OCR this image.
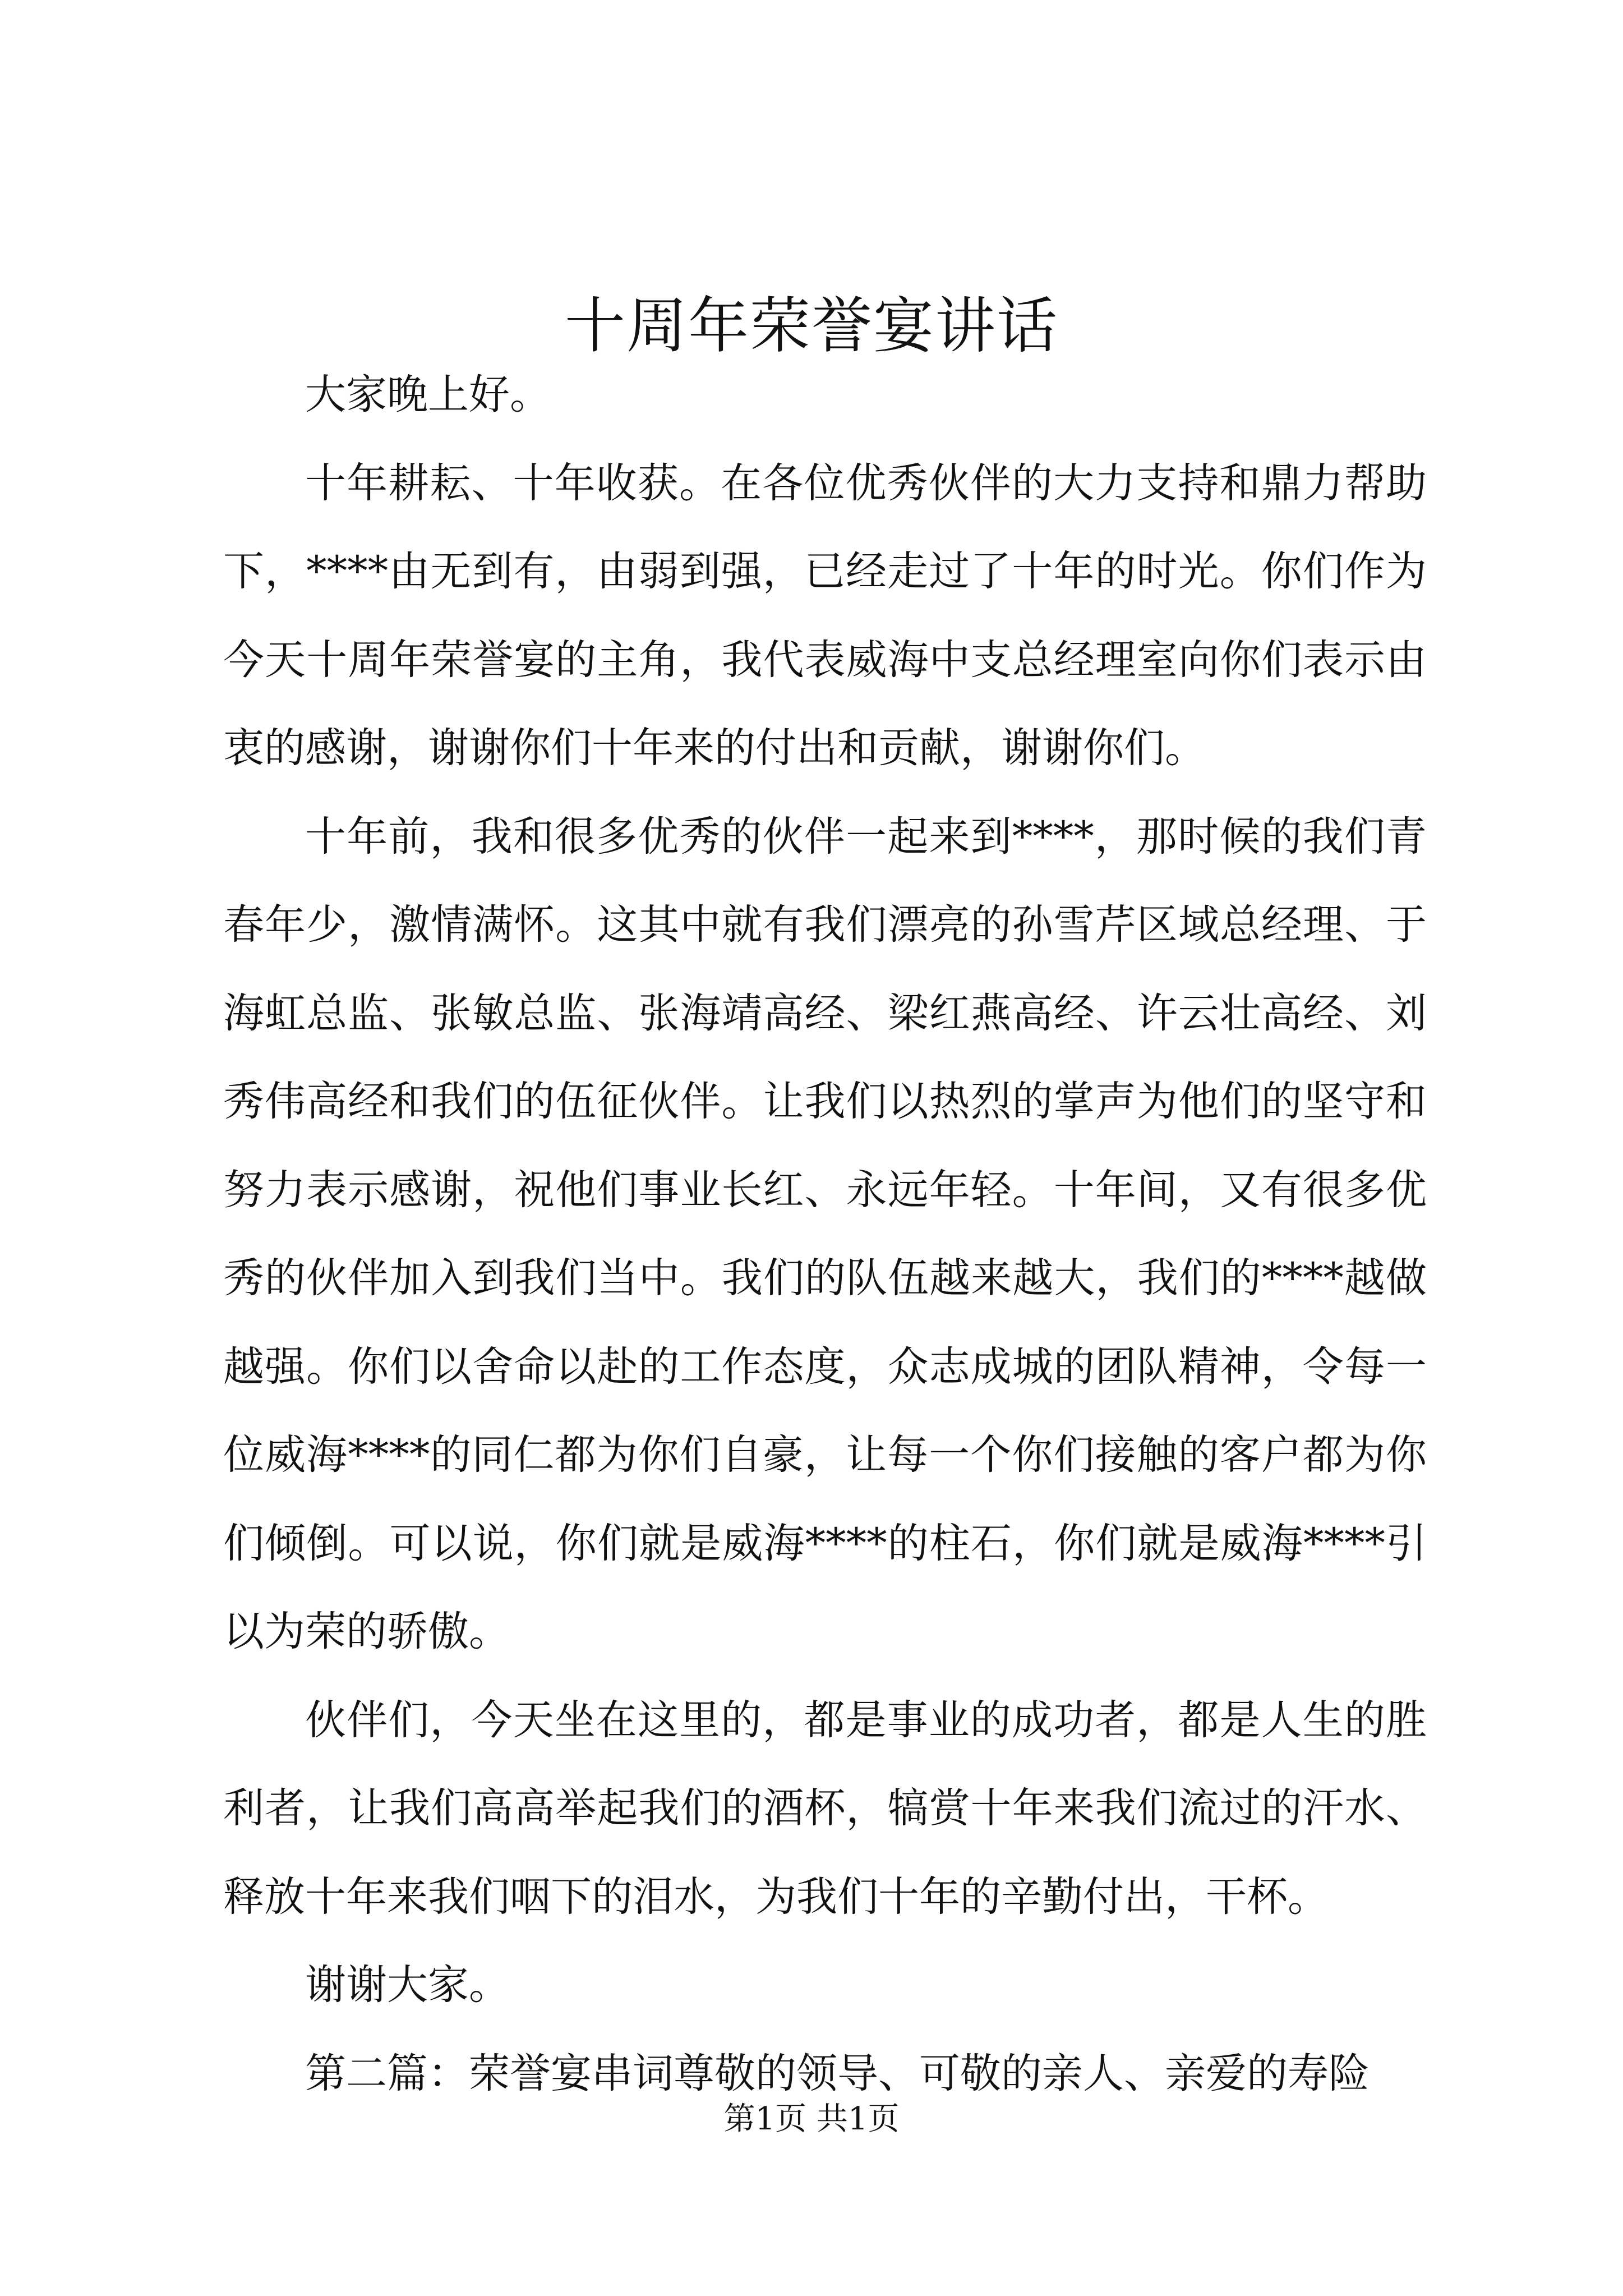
十周年荣誉宴讲话

大家晚上好。

十年耕耘、十年收获。在各位优秀伙伴的大力支持和鼎力帮助下，****由无到有，由弱到强，已经走过了十年的时光。你们作为今天十周年荣誉宴的主角，我代表威海中支总经理室向你们表示由衷的感谢，谢谢你们十年来的付出和贡献，谢谢你们。

十年前，我和很多优秀的伙伴一起来到****，那时候的我们青春年少，激情满怀。这其中就有我们漂亮的孙雪芹区域总经理、于海虹总监、张敏总监、张海靖高经、梁红燕高经、许云壮高经、刘秀伟高经和我们的伍征伙伴。让我们以热烈的掌声为他们的坚守和努力表示感谢，祝他们事业长红、永远年轻。十年间，又有很多优秀的伙伴加入到我们当中。我们的队伍越来越大，我们的****越做越强。你们以舍命以赴的工作态度，众志成城的团队精神，令每一位威海****的同仁都为你们自豪，让每一个你们接触的客户都为你们倾倒。可以说，你们就是威海****的柱石，你们就是威海****引以为荣的骄傲。

伙伴们，今天坐在这里的，都是事业的成功者，都是人生的胜利者，让我们高高举起我们的酒杯，犒赏十年来我们流过的汗水、释放十年来我们咽下的泪水，为我们十年的辛勤付出，干杯。

谢谢大家。

第二篇：荣誉宴串词尊敬的领导、可敬的亲人、亲爱的寿险

第1页 共1页
